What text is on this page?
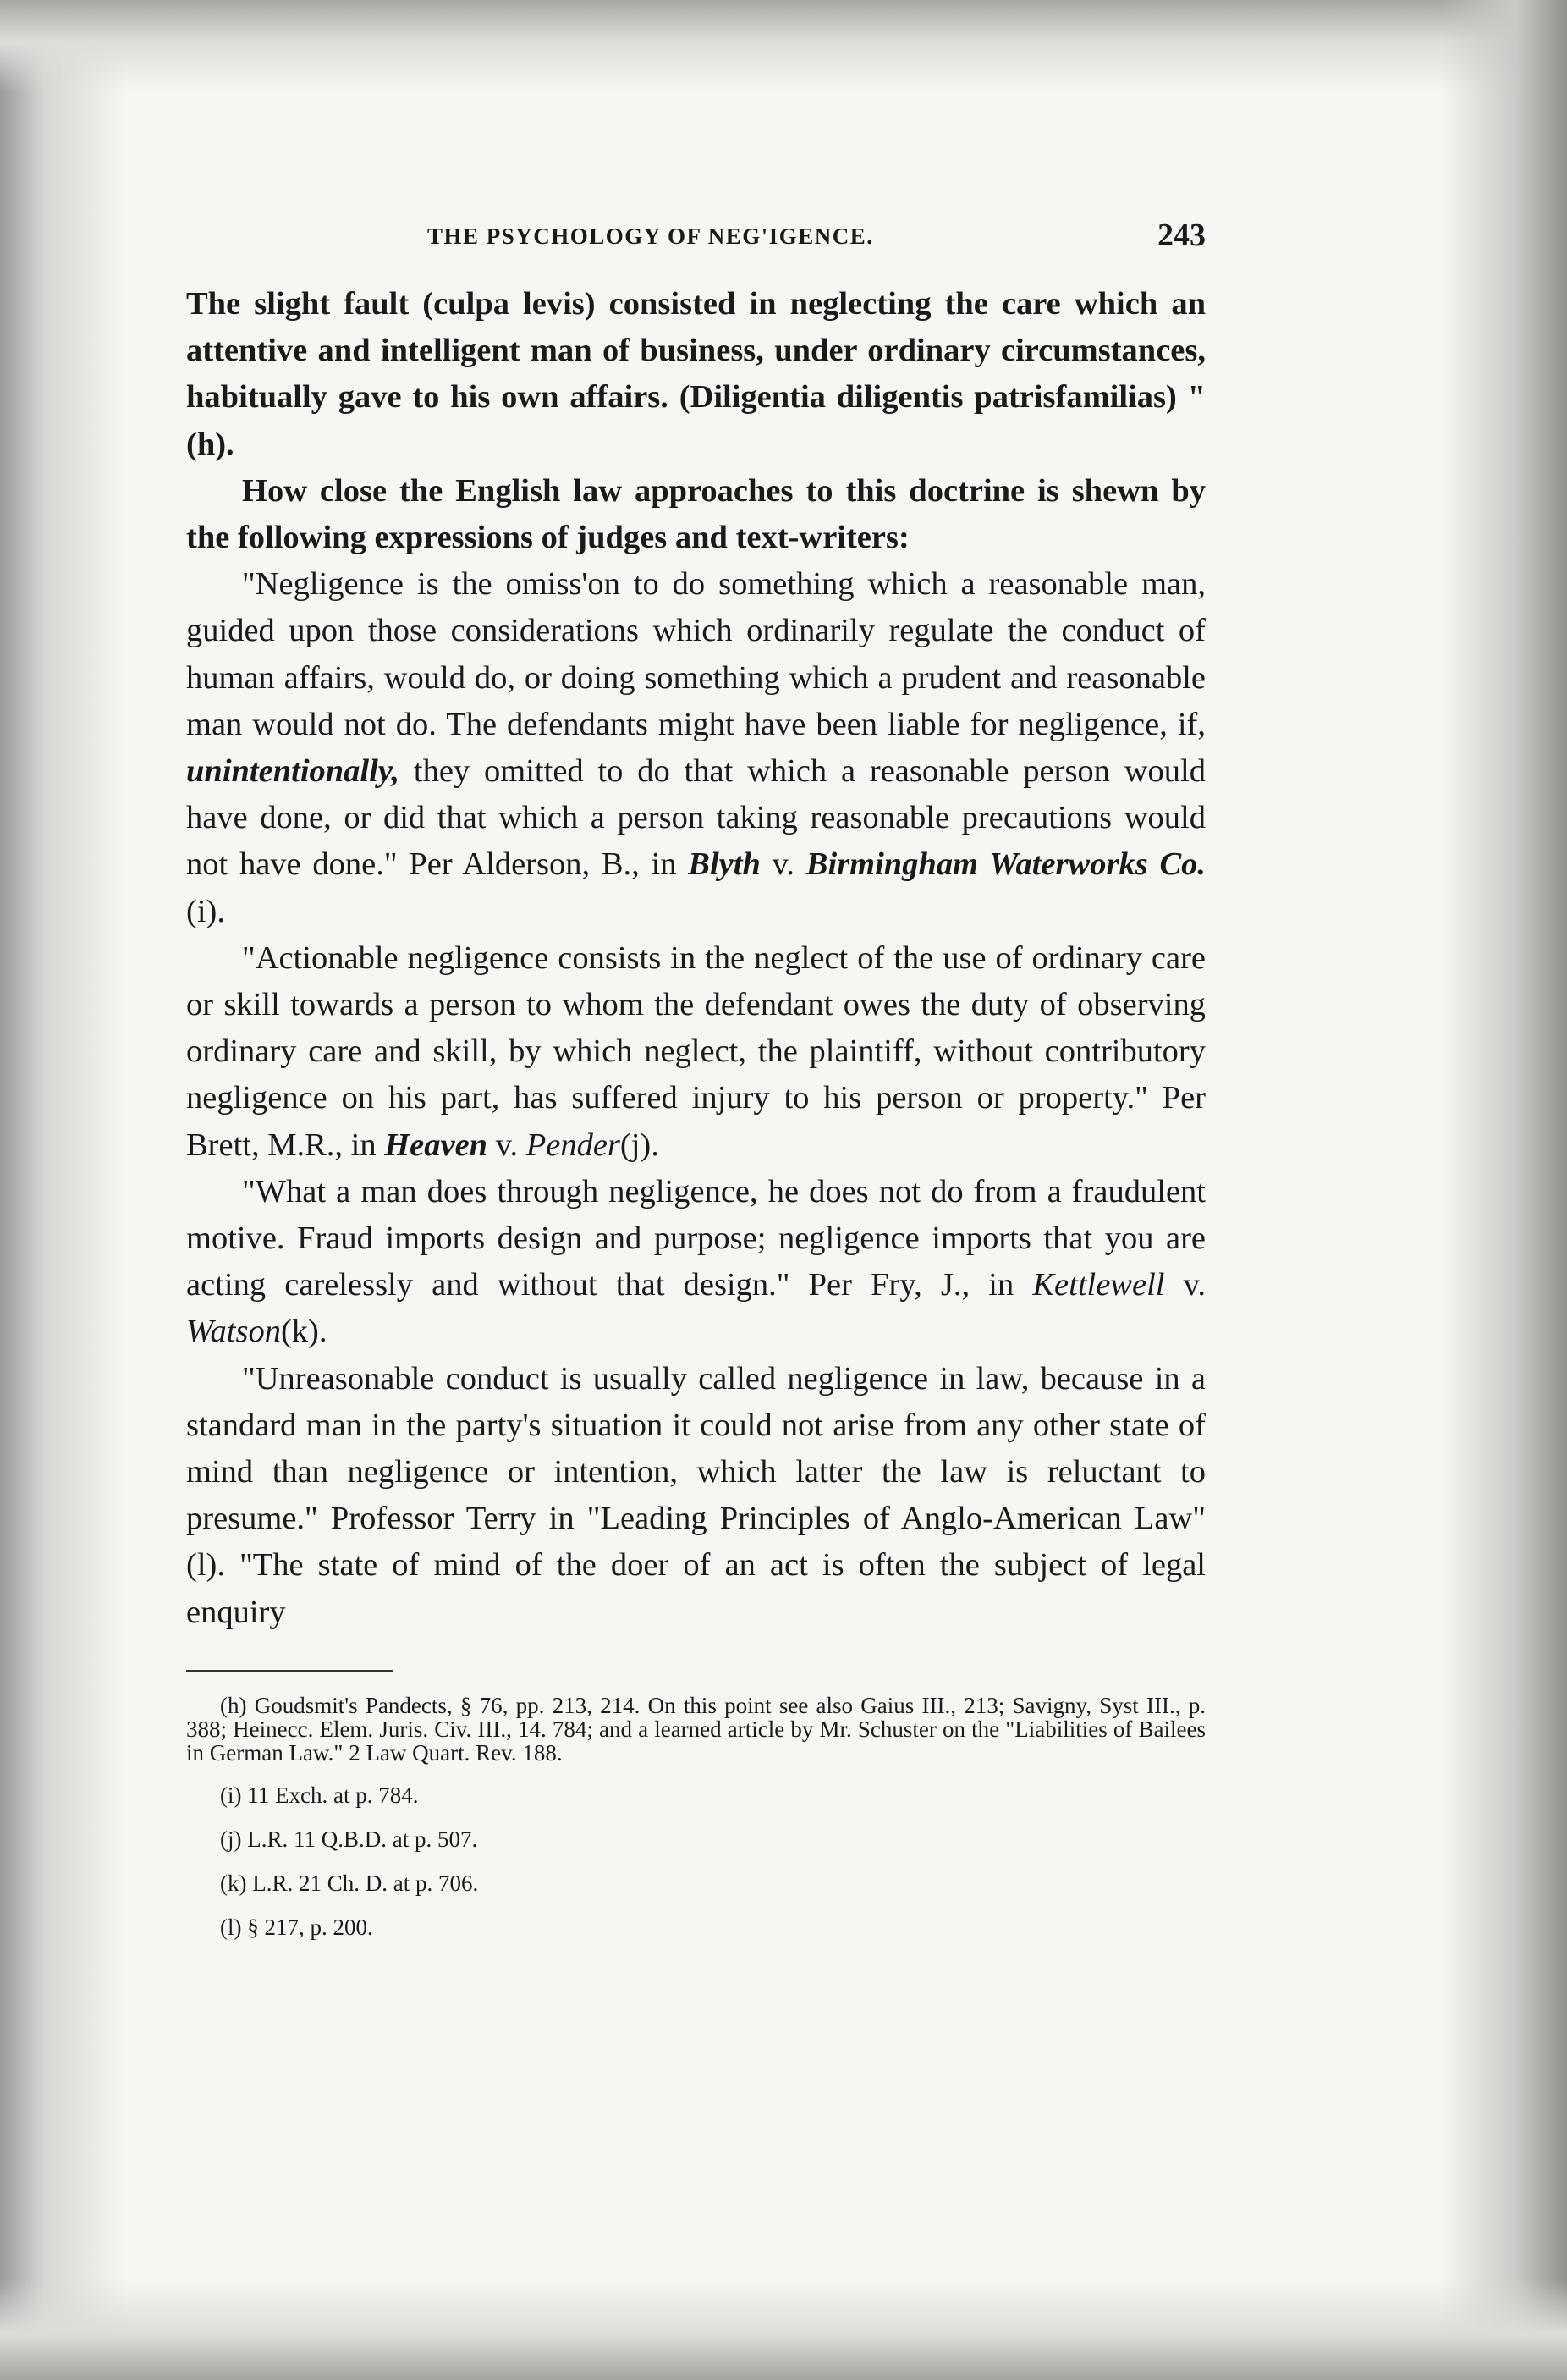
THE PSYCHOLOGY OF NEG'IGENCE.	243

The slight fault (culpa levis) consisted in neglecting the care which an attentive and intelligent man of business, under ordinary circumstances, habitually gave to his own affairs. (Diligentia diligentis patrisfamilias) "(h).

How close the English law approaches to this doctrine is shewn by the following expressions of judges and text-writers:

"Negligence is the omiss'on to do something which a reasonable man, guided upon those considerations which ordinarily regulate the conduct of human affairs, would do, or doing something which a prudent and reasonable man would not do. The defendants might have been liable for negligence, if, unintentionally, they omitted to do that which a reasonable person would have done, or did that which a person taking reasonable precautions would not have done." Per Alderson, B., in Blyth v. Birmingham Waterworks Co.(i).

"Actionable negligence consists in the neglect of the use of ordinary care or skill towards a person to whom the defendant owes the duty of observing ordinary care and skill, by which neglect, the plaintiff, without contributory negligence on his part, has suffered injury to his person or property." Per Brett, M.R., in Heaven v. Pender(j).

"What a man does through negligence, he does not do from a fraudulent motive. Fraud imports design and purpose; negligence imports that you are acting carelessly and without that design." Per Fry, J., in Kettlewell v. Watson(k).

"Unreasonable conduct is usually called negligence in law, because in a standard man in the party's situation it could not arise from any other state of mind than negligence or intention, which latter the law is reluctant to presume." Professor Terry in "Leading Principles of Anglo-American Law"(l). "The state of mind of the doer of an act is often the subject of legal enquiry

(h) Goudsmit's Pandects, § 76, pp. 213, 214. On this point see also Gaius III., 213; Savigny, Syst III., p. 388; Heinecc. Elem. Juris. Civ. III., 14. 784; and a learned article by Mr. Schuster on the "Liabilities of Bailees in German Law." 2 Law Quart. Rev. 188.

(i) 11 Exch. at p. 784.

(j) L.R. 11 Q.B.D. at p. 507.

(k) L.R. 21 Ch. D. at p. 706.

(l) § 217, p. 200.
